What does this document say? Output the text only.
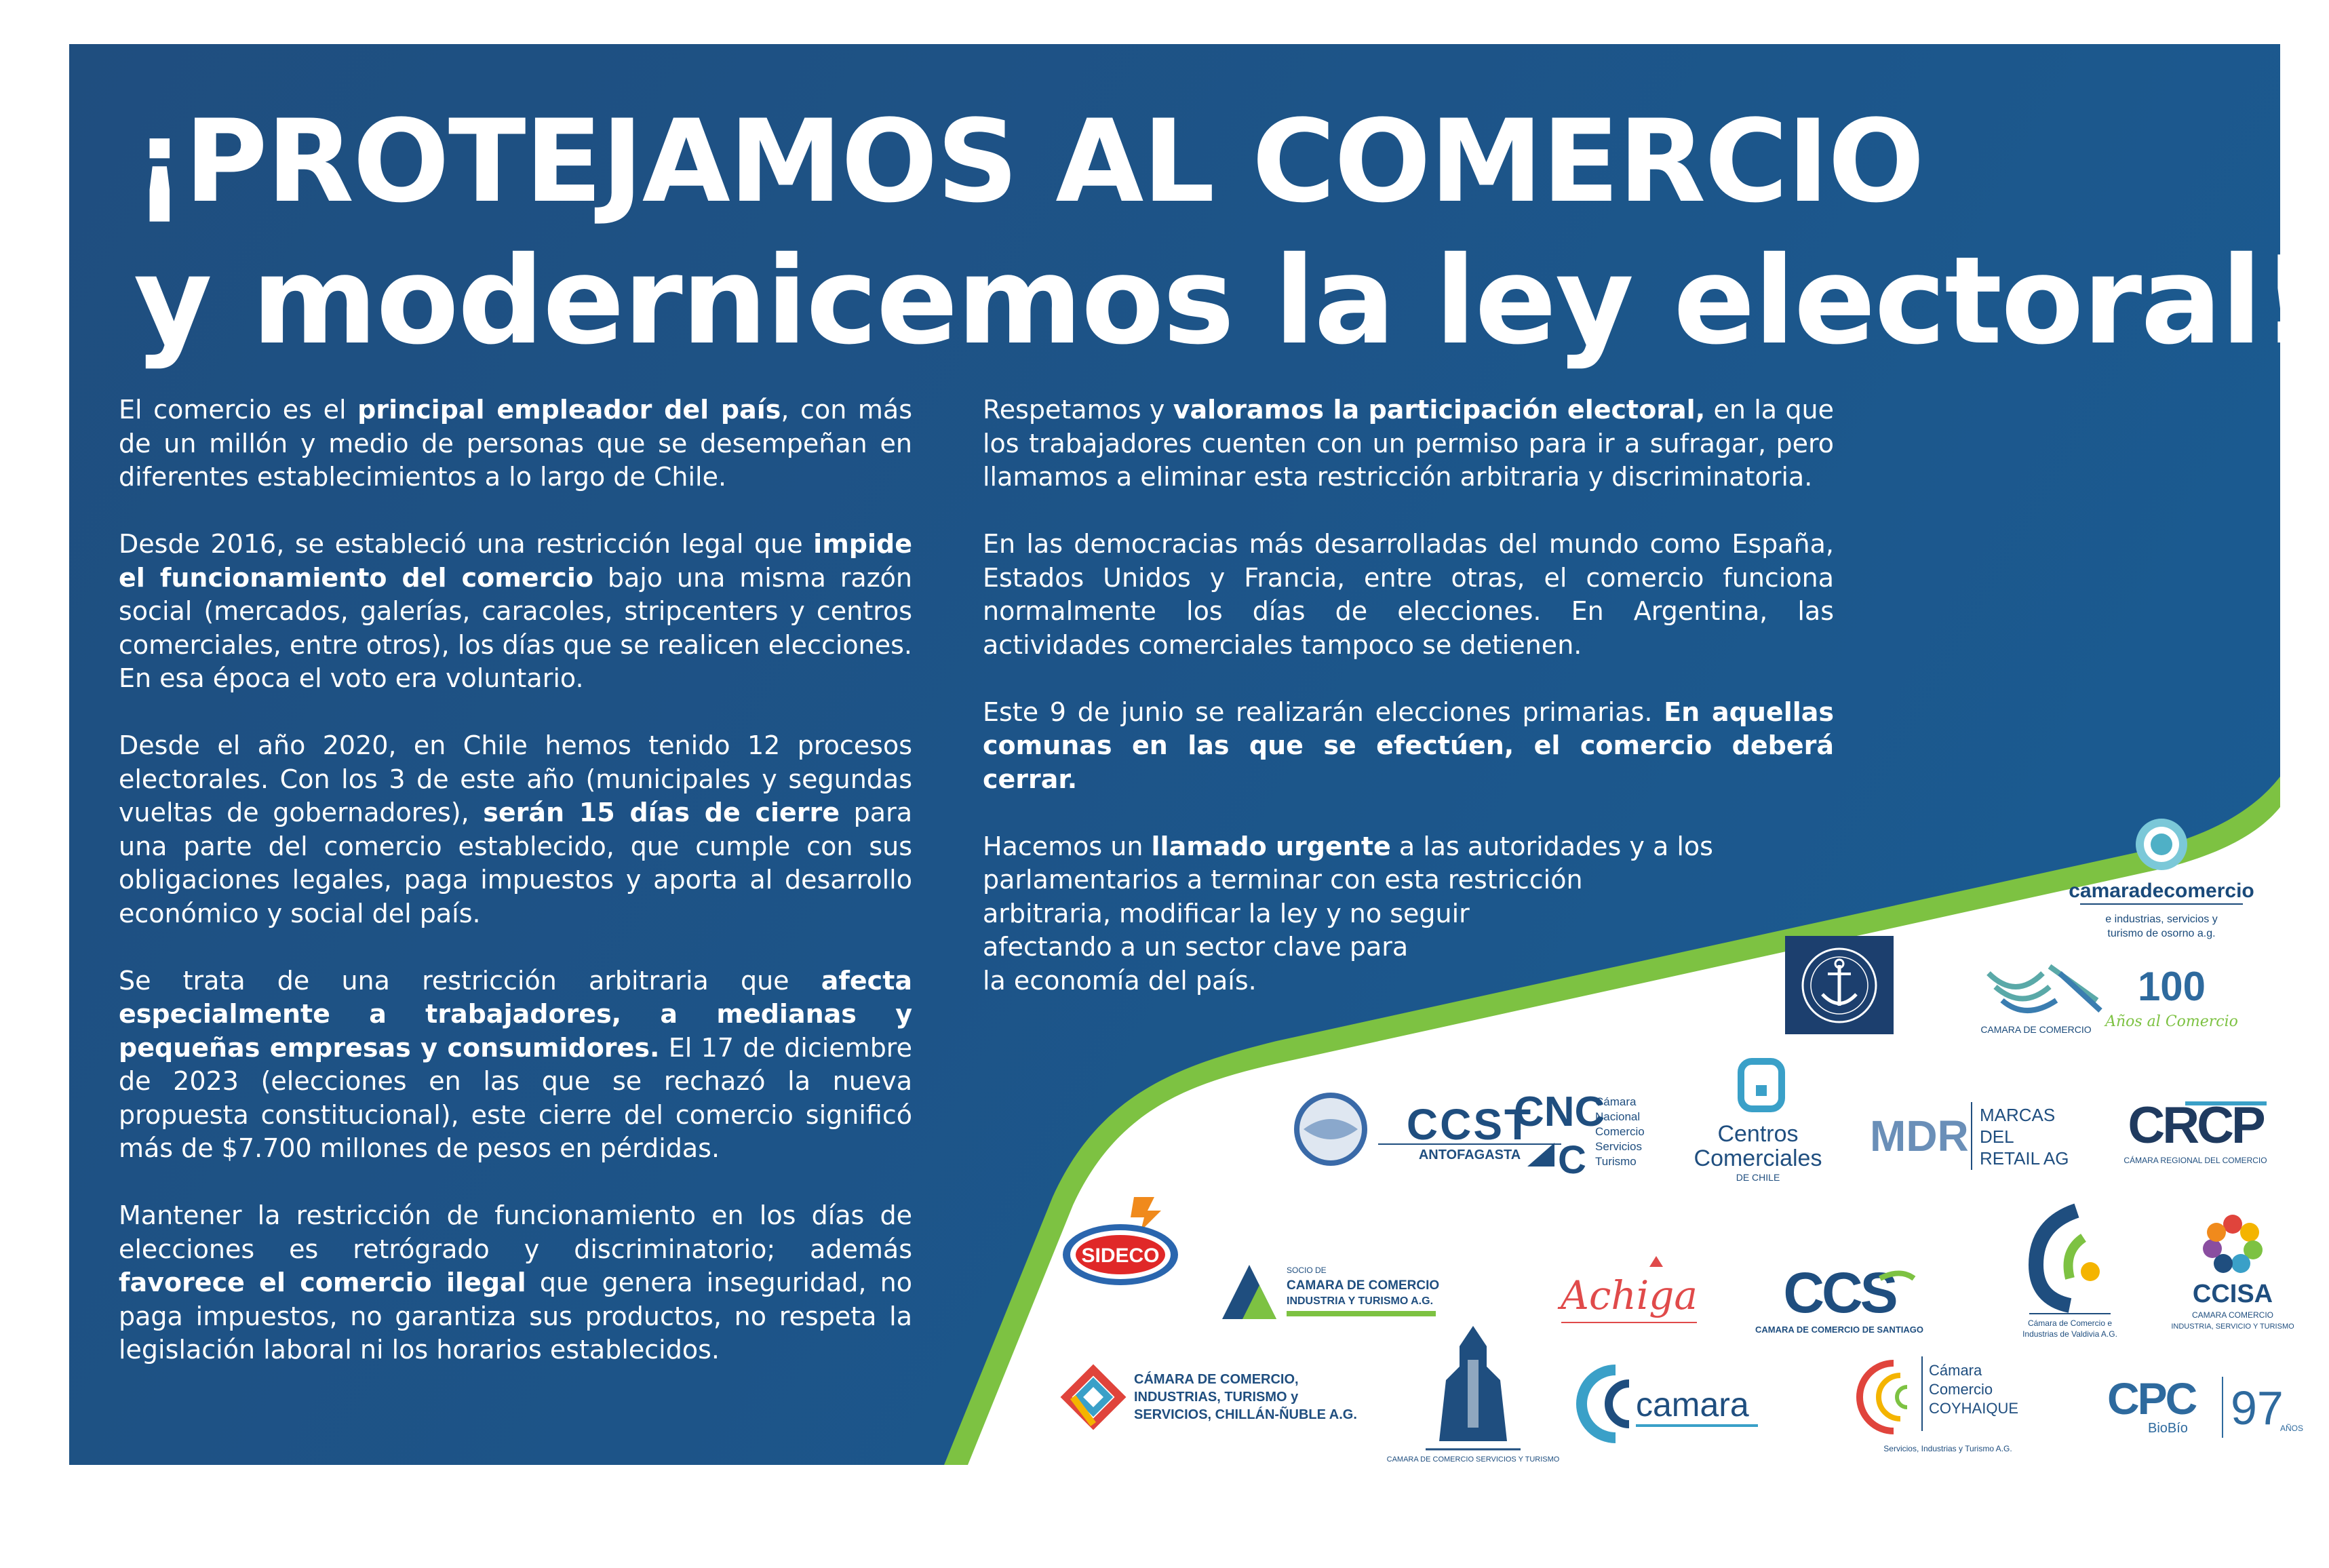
¡PROTEJAMOS AL COMERCIO
y modernicemos la ley electoral!

El comercio es el principal empleador del país, con más de un millón y medio de personas que se desempeñan en diferentes establecimientos a lo largo de Chile.

Desde 2016, se estableció una restricción legal que impide el funcionamiento del comercio bajo una misma razón social (mercados, galerías, caracoles, stripcenters y centros comerciales, entre otros), los días que se realicen elecciones. En esa época el voto era voluntario.

Desde el año 2020, en Chile hemos tenido 12 procesos electorales. Con los 3 de este año (municipales y segundas vueltas de gobernadores), serán 15 días de cierre para una parte del comercio establecido, que cumple con sus obligaciones legales, paga impuestos y aporta al desarrollo económico y social del país.

Se trata de una restricción arbitraria que afecta especialmente a trabajadores, a medianas y pequeñas empresas y consumidores. El 17 de diciembre de 2023 (elecciones en las que se rechazó la nueva propuesta constitucional), este cierre del comercio significó más de $7.700 millones de pesos en pérdidas.

Mantener la restricción de funcionamiento en los días de elecciones es retrógrado y discriminatorio; además favorece el comercio ilegal que genera inseguridad, no paga impuestos, no garantiza sus productos, no respeta la legislación laboral ni los horarios establecidos.

Respetamos y valoramos la participación electoral, en la que los trabajadores cuenten con un permiso para ir a sufragar, pero llamamos a eliminar esta restricción arbitraria y discriminatoria.

En las democracias más desarrolladas del mundo como España, Estados Unidos y Francia, entre otras, el comercio funciona normalmente los días de elecciones. En Argentina, las actividades comerciales tampoco se detienen.

Este 9 de junio se realizarán elecciones primarias. En aquellas comunas en las que se efectúen, el comercio deberá cerrar.

Hacemos un llamado urgente a las autoridades y a los
parlamentarios a terminar con esta restricción
arbitraria, modificar la ley y no seguir
afectando a un sector clave para
la economía del país.
camaradecomercio
e industrias, servicios y
turismo de osorno a.g.
CAMARA DE COMERCIO
100
Años al Comercio
CCST
ANTOFAGASTA
CNC
C
Cámara
Nacional
Comercio
Servicios
Turismo
Centros
Comerciales
DE CHILE
MDR MARCAS
DEL
RETAIL AG
CRCP
CÁMARA REGIONAL DEL COMERCIO
SIDECO
SOCIO DE
CAMARA DE COMERCIO
INDUSTRIA Y TURISMO A.G.	Achiga CCS
CAMARA DE COMERCIO DE SANTIAGO
Cámara de Comercio e
Industrias de Valdivia A.G.
CCISA
CAMARA COMERCIO
INDUSTRIA, SERVICIO Y TURISMO
CÁMARA DE COMERCIO,
INDUSTRIAS, TURISMO y
SERVICIOS, CHILLÁN-ÑUBLE A.G.
CAMARA DE COMERCIO SERVICIOS Y TURISMO
camara
Cámara
Comercio
COYHAIQUE
Servicios, Industrias y Turismo A.G.
CPC
BioBío 97
AÑOS
